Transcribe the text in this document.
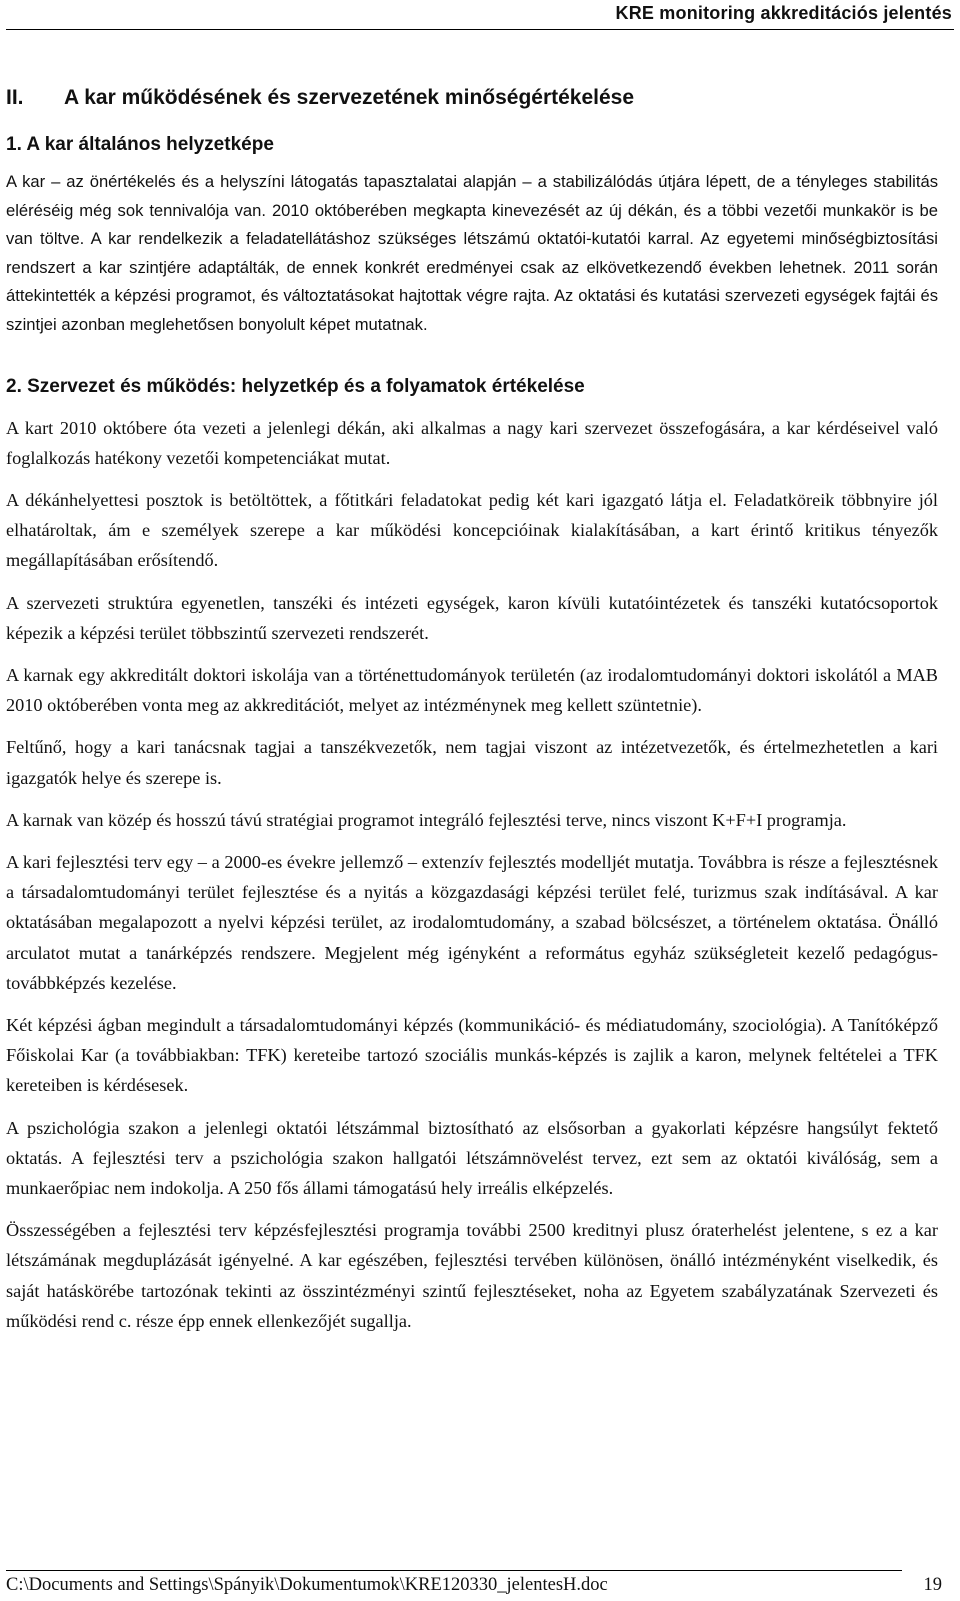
KRE monitoring akkreditációs jelentés
II. A kar működésének és szervezetének minőségértékelése
1. A kar általános helyzetképe

A kar – az önértékelés és a helyszíni látogatás tapasztalatai alapján – a stabilizálódás útjára lépett, de a tényleges stabilitás eléréséig még sok tennivalója van. 2010 októberében megkapta kinevezését az új dékán, és a többi vezetői munkakör is be van töltve. A kar rendelkezik a feladatellátáshoz szükséges létszámú oktatói-kutatói karral. Az egyetemi minőségbiztosítási rendszert a kar szintjére adaptálták, de ennek konkrét eredményei csak az elkövetkezendő években lehetnek. 2011 során áttekintették a képzési programot, és változtatásokat hajtottak végre rajta. Az oktatási és kutatási szervezeti egységek fajtái és szintjei azonban meglehetősen bonyolult képet mutatnak.

2. Szervezet és működés: helyzetkép és a folyamatok értékelése

A kart 2010 októbere óta vezeti a jelenlegi dékán, aki alkalmas a nagy kari szervezet összefogására, a kar kérdéseivel való foglalkozás hatékony vezetői kompetenciákat mutat.

A dékánhelyettesi posztok is betöltöttek, a főtitkári feladatokat pedig két kari igazgató látja el. Feladatköreik többnyire jól elhatároltak, ám e személyek szerepe a kar működési koncepcióinak kialakításában, a kart érintő kritikus tényezők megállapításában erősítendő.

A szervezeti struktúra egyenetlen, tanszéki és intézeti egységek, karon kívüli kutatóintézetek és tanszéki kutatócsoportok képezik a képzési terület többszintű szervezeti rendszerét.

A karnak egy akkreditált doktori iskolája van a történettudományok területén (az irodalomtudományi doktori iskolától a MAB 2010 októberében vonta meg az akkreditációt, melyet az intézménynek meg kellett szüntetnie).

Feltűnő, hogy a kari tanácsnak tagjai a tanszékvezetők, nem tagjai viszont az intézetvezetők, és értelmezhetetlen a kari igazgatók helye és szerepe is.

A karnak van közép és hosszú távú stratégiai programot integráló fejlesztési terve, nincs viszont K+F+I programja.

A kari fejlesztési terv egy – a 2000-es évekre jellemző – extenzív fejlesztés modelljét mutatja. Továbbra is része a fejlesztésnek a társadalomtudományi terület fejlesztése és a nyitás a közgazdasági képzési terület felé, turizmus szak indításával. A kar oktatásában megalapozott a nyelvi képzési terület, az irodalomtudomány, a szabad bölcsészet, a történelem oktatása. Önálló arculatot mutat a tanárképzés rendszere. Megjelent még igényként a református egyház szükségleteit kezelő pedagógus-továbbképzés kezelése.

Két képzési ágban megindult a társadalomtudományi képzés (kommunikáció- és médiatudomány, szociológia). A Tanítóképző Főiskolai Kar (a továbbiakban: TFK) kereteibe tartozó szociális munkás-képzés is zajlik a karon, melynek feltételei a TFK kereteiben is kérdésesek.

A pszichológia szakon a jelenlegi oktatói létszámmal biztosítható az elsősorban a gyakorlati képzésre hangsúlyt fektető oktatás. A fejlesztési terv a pszichológia szakon hallgatói létszámnövelést tervez, ezt sem az oktatói kiválóság, sem a munkaerőpiac nem indokolja. A 250 fős állami támogatású hely irreális elképzelés.

Összességében a fejlesztési terv képzésfejlesztési programja további 2500 kreditnyi plusz óraterhelést jelentene, s ez a kar létszámának megduplázását igényelné. A kar egészében, fejlesztési tervében különösen, önálló intézményként viselkedik, és saját hatáskörébe tartozónak tekinti az összintézményi szintű fejlesztéseket, noha az Egyetem szabályzatának Szervezeti és működési rend c. része épp ennek ellenkezőjét sugallja.

C:\Documents and Settings\Spányik\Dokumentumok\KRE120330_jelentesH.doc	19
